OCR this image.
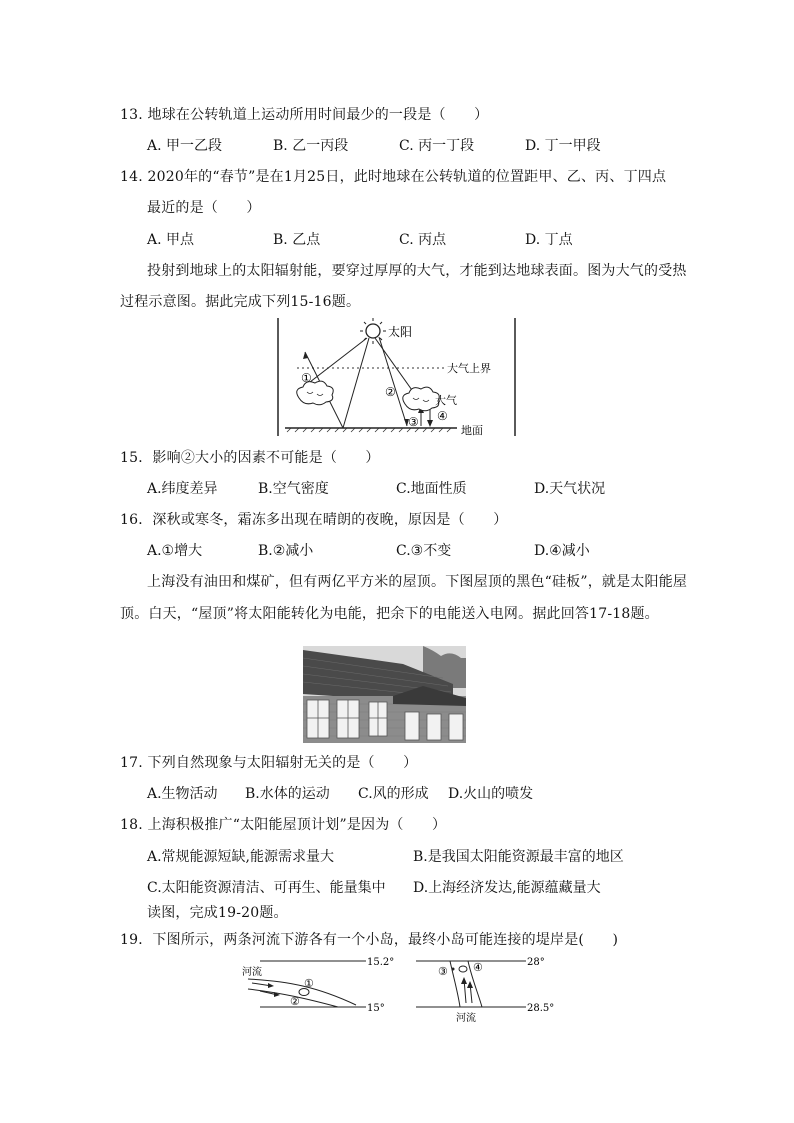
13. 地球在公转轨道上运动所用时间最少的一段是（　　）
A. 甲一乙段	B. 乙一丙段	C. 丙一丁段	D. 丁一甲段
14. 2020年的“春节”是在1月25日，此时地球在公转轨道的位置距甲、乙、丙、丁四点
最近的是（　　）
A. 甲点	B. 乙点	C. 丙点	D. 丁点
投射到地球上的太阳辐射能，要穿过厚厚的大气，才能到达地球表面。图为大气的受热
过程示意图。据此完成下列15-16题。
太阳
大气上界
地面
大气
①
②
③ ④
15．影响②大小的因素不可能是（　　）
A.纬度差异	B.空气密度	C.地面性质	D.天气状况
16．深秋或寒冬，霜冻多出现在晴朗的夜晚，原因是（　　）
A.①增大	B.②减小	C.③不变	D.④减小
上海没有油田和煤矿，但有两亿平方米的屋顶。下图屋顶的黑色“硅板”，就是太阳能屋
顶。白天，“屋顶”将太阳能转化为电能，把余下的电能送入电网。据此回答17-18题。
17. 下列自然现象与太阳辐射无关的是（　　）
A.生物活动 B.水体的运动 C.风的形成 D.火山的喷发
18. 上海积极推广“太阳能屋顶计划”是因为（　　）
A.常规能源短缺,能源需求量大	B.是我国太阳能资源最丰富的地区
C.太阳能资源清洁、可再生、能量集中 D.上海经济发达,能源蕴藏量大
读图，完成19-20题。
19．下图所示，两条河流下游各有一个小岛，最终小岛可能连接的堤岸是(　　)
15.2°
15°
河流
①
②
28°
28.5°
③ ④
河流
